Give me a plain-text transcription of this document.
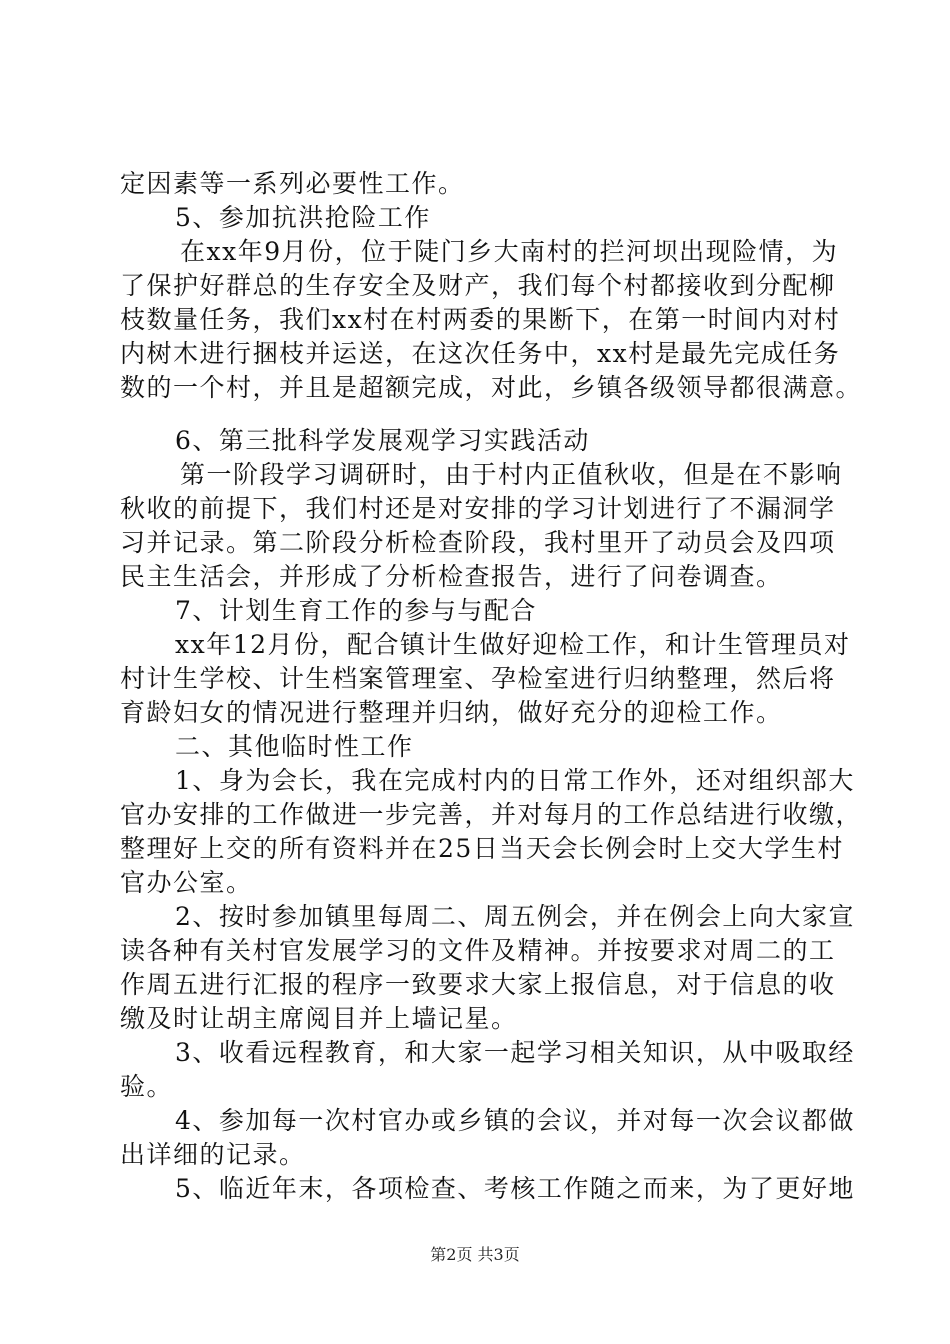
定因素等一系列必要性工作。
5、参加抗洪抢险工作
在xx年9月份，位于陡门乡大南村的拦河坝出现险情，为
了保护好群总的生存安全及财产，我们每个村都接收到分配柳
枝数量任务，我们xx村在村两委的果断下，在第一时间内对村
内树木进行捆枝并运送，在这次任务中，xx村是最先完成任务
数的一个村，并且是超额完成，对此，乡镇各级领导都很满意。
6、第三批科学发展观学习实践活动
第一阶段学习调研时，由于村内正值秋收，但是在不影响
秋收的前提下，我们村还是对安排的学习计划进行了不漏洞学
习并记录。第二阶段分析检查阶段，我村里开了动员会及四项
民主生活会，并形成了分析检查报告，进行了问卷调查。
7、计划生育工作的参与与配合
xx年12月份，配合镇计生做好迎检工作，和计生管理员对
村计生学校、计生档案管理室、孕检室进行归纳整理，然后将
育龄妇女的情况进行整理并归纳，做好充分的迎检工作。
二、其他临时性工作
1、身为会长，我在完成村内的日常工作外，还对组织部大
官办安排的工作做进一步完善，并对每月的工作总结进行收缴，
整理好上交的所有资料并在25日当天会长例会时上交大学生村
官办公室。
2、按时参加镇里每周二、周五例会，并在例会上向大家宣
读各种有关村官发展学习的文件及精神。并按要求对周二的工
作周五进行汇报的程序一致要求大家上报信息，对于信息的收
缴及时让胡主席阅目并上墙记星。
3、收看远程教育，和大家一起学习相关知识，从中吸取经
验。
4、参加每一次村官办或乡镇的会议，并对每一次会议都做
出详细的记录。
5、临近年末，各项检查、考核工作随之而来，为了更好地
第2页 共3页
